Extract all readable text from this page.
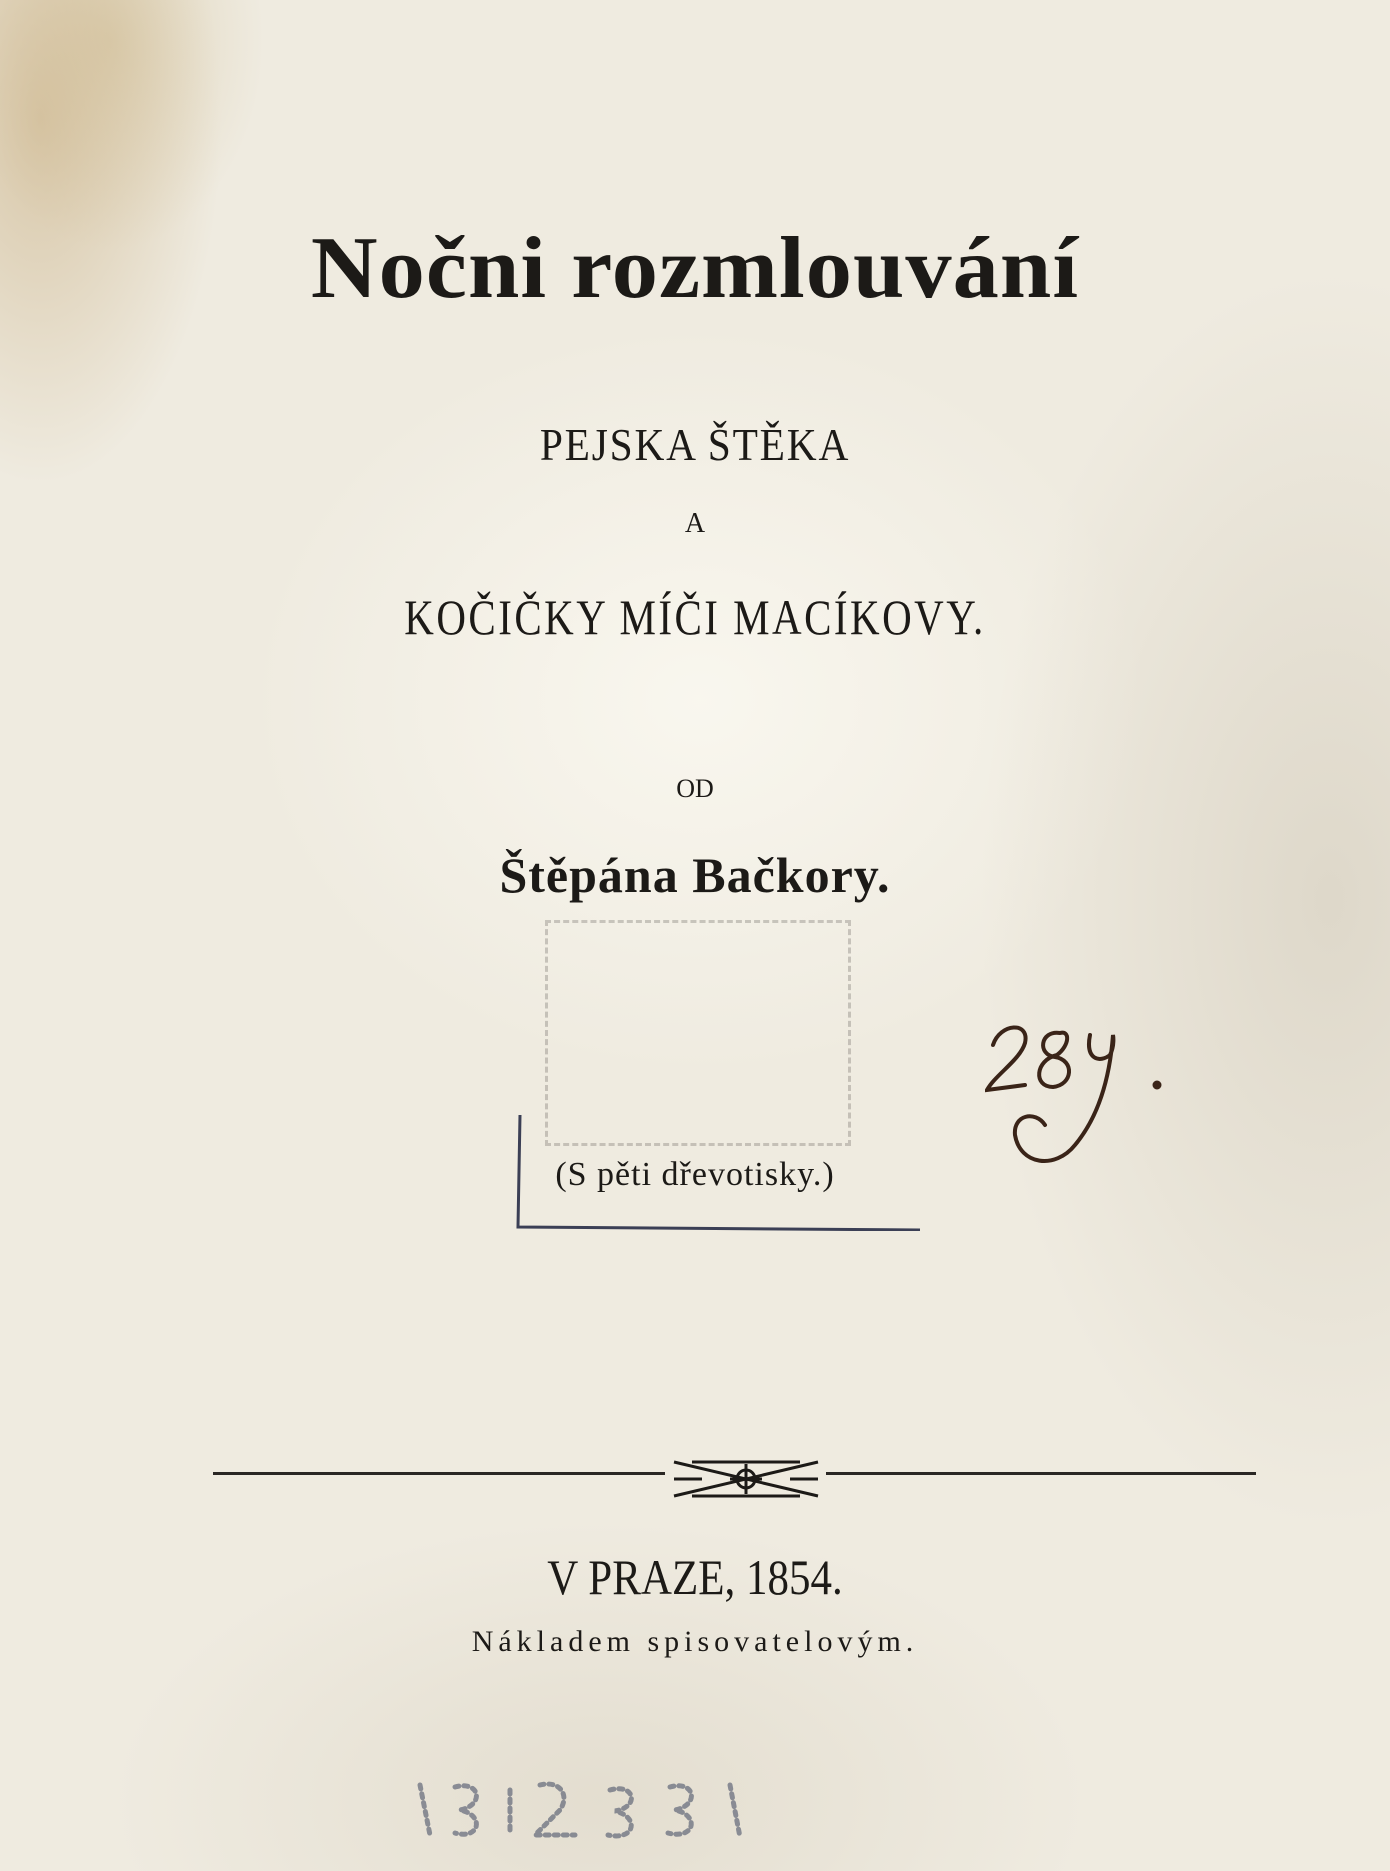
Nočni rozmlouvání
PEJSKA ŠTĚKA
A
KOČIČKY MÍČI MACÍKOVY.
OD
Štěpána Bačkory.
(S pěti dřevotisky.)
V PRAZE, 1854.
Nákladem spisovatelovým.
